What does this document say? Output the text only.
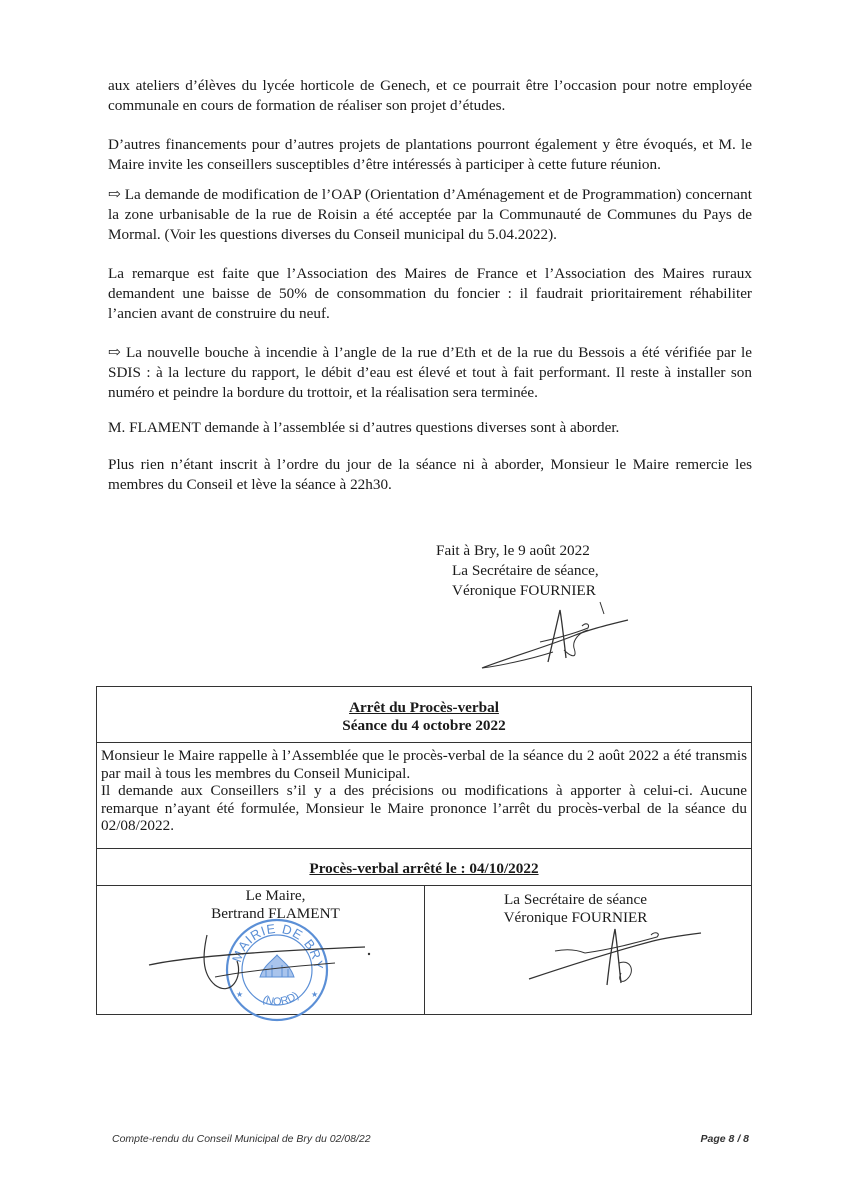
aux ateliers d’élèves du lycée horticole de Genech, et ce pourrait être l’occasion pour notre employée communale en cours de formation de réaliser son projet d’études.

D’autres financements pour d’autres projets de plantations pourront également y être évoqués, et M. le Maire invite les conseillers susceptibles d’être intéressés à participer à cette future réunion.

⇨ La demande de modification de l’OAP (Orientation d’Aménagement et de Programmation) concernant la zone urbanisable de la rue de Roisin a été acceptée par la Communauté de Communes du Pays de Mormal. (Voir les questions diverses du Conseil municipal du 5.04.2022).

La remarque est faite que l’Association des Maires de France et l’Association des Maires ruraux demandent une baisse de 50% de consommation du foncier : il faudrait prioritairement réhabiliter l’ancien avant de construire du neuf.

⇨ La nouvelle bouche à incendie à l’angle de la rue d’Eth et de la rue du Bessois a été vérifiée par le SDIS : à la lecture du rapport, le débit d’eau est élevé et tout à fait performant. Il reste à installer son numéro et peindre la bordure du trottoir, et la réalisation sera terminée.

M. FLAMENT demande à l’assemblée si d’autres questions diverses sont à aborder.

Plus rien n’étant inscrit à l’ordre du jour de la séance ni à aborder, Monsieur le Maire remercie les membres du Conseil et lève la séance à 22h30.

Fait à Bry, le 9 août 2022
La Secrétaire de séance,
Véronique FOURNIER
Arrêt du Procès-verbal
Séance du 4 octobre 2022
Monsieur le Maire rappelle à l’Assemblée que le procès-verbal de la séance du 2 août 2022 a été transmis par mail à tous les membres du Conseil Municipal.
Il demande aux Conseillers s’il y a des précisions ou modifications à apporter à celui-ci. Aucune remarque n’ayant été formulée, Monsieur le Maire prononce l’arrêt du procès-verbal de la séance du 02/08/2022.
Procès-verbal arrêté le : 04/10/2022
Le Maire,
Bertrand FLAMENT
La Secrétaire de séance
Véronique FOURNIER
MAIRIE DE BRY
(NORD)
★	★
Compte-rendu du Conseil Municipal de Bry du 02/08/22	Page 8 / 8
